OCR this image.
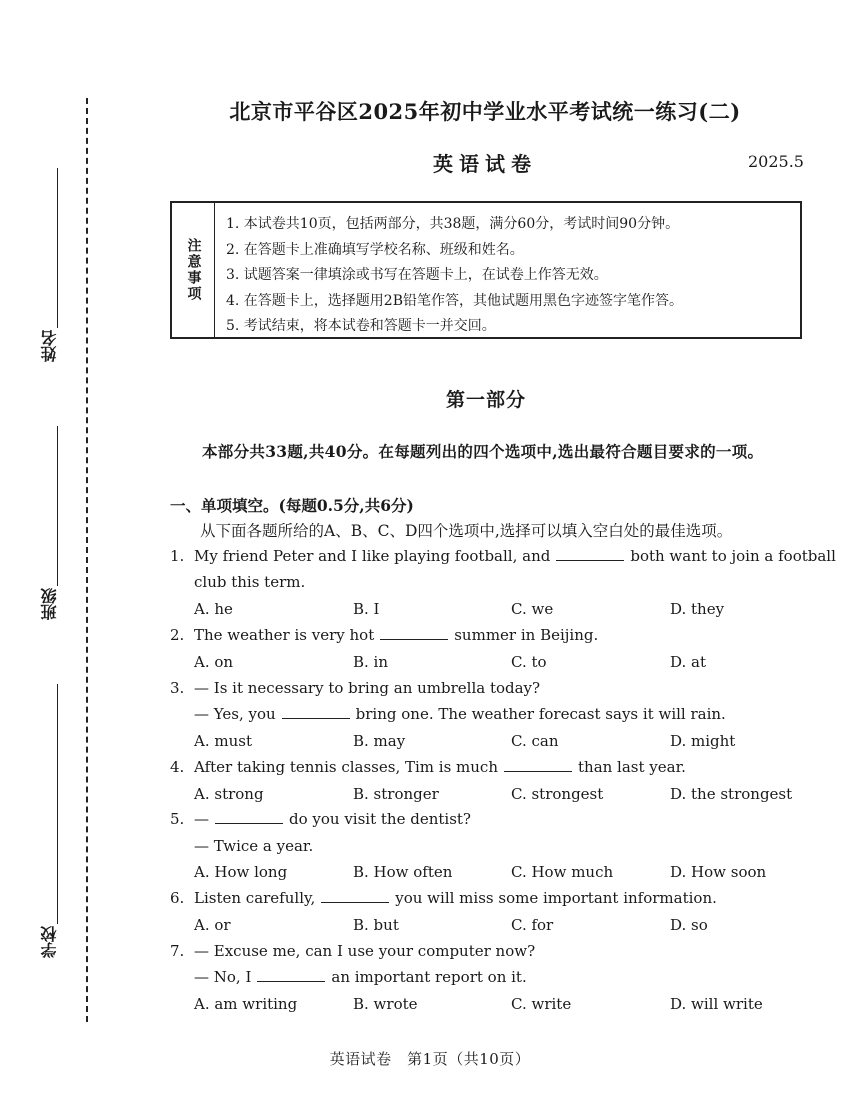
姓名
班级
学校
北京市平谷区2025年初中学业水平考试统一练习(二)
英语试卷	2025.5
注意事项
1. 本试卷共10页，包括两部分，共38题，满分60分，考试时间90分钟。
2. 在答题卡上准确填写学校名称、班级和姓名。
3. 试题答案一律填涂或书写在答题卡上，在试卷上作答无效。
4. 在答题卡上，选择题用2B铅笔作答，其他试题用黑色字迹签字笔作答。
5. 考试结束，将本试卷和答题卡一并交回。
第一部分
本部分共33题,共40分。在每题列出的四个选项中,选出最符合题目要求的一项。
一、单项填空。(每题0.5分,共6分)
从下面各题所给的A、B、C、D四个选项中,选择可以填入空白处的最佳选项。
1. My friend Peter and I like playing football, and	both want to join a football
club this term.
A. he	B. I	C. we	D. they
2. The weather is very hot	summer in Beijing.
A. on	B. in	C. to	D. at
3. — Is it necessary to bring an umbrella today?
— Yes, you	bring one. The weather forecast says it will rain.
A. must	B. may	C. can	D. might
4. After taking tennis classes, Tim is much	than last year.
A. strong	B. stronger	C. strongest	D. the strongest
5. —	do you visit the dentist?
— Twice a year.
A. How long	B. How often	C. How much	D. How soon
6. Listen carefully,	you will miss some important information.
A. or	B. but	C. for	D. so
7. — Excuse me, can I use your computer now?
— No, I	an important report on it.
A. am writing	B. wrote	C. write	D. will write
英语试卷　第1页（共10页）
